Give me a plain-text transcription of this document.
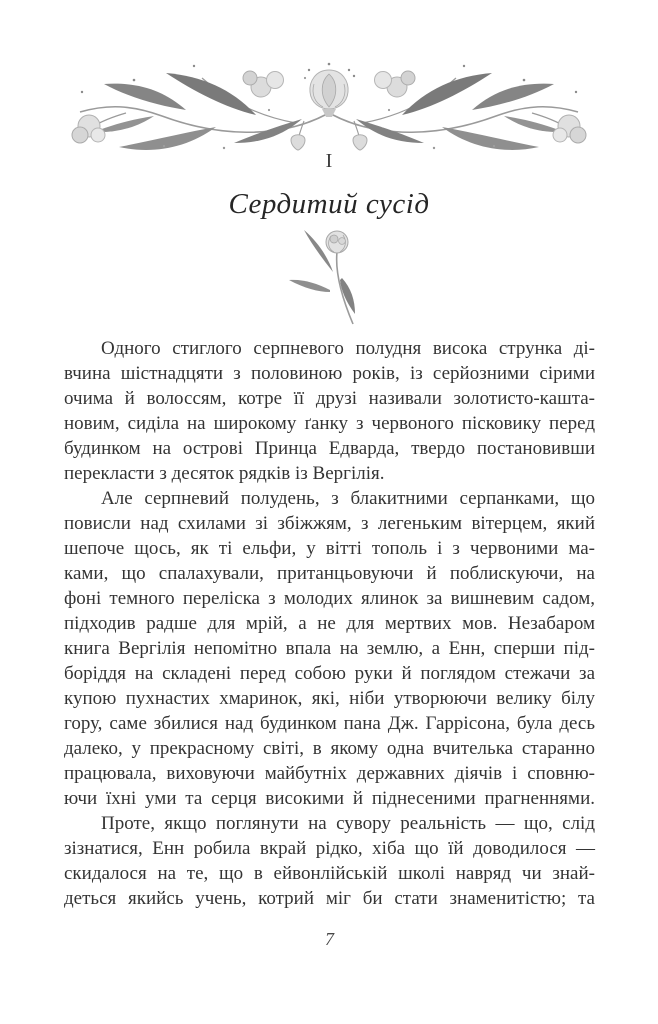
I
Сердитий сусід
Одного стиглого серпневого полудня висока струнка ді-
вчина шістнадцяти з половиною років, із серйозними сірими
очима й волоссям, котре її друзі називали золотисто-кашта-
новим, сиділа на широкому ґанку з червоного пісковику перед
будинком на острові Принца Едварда, твердо постановивши
перекласти з десяток рядків із Вергілія.
Але серпневий полудень, з блакитними серпанками, що
повисли над схилами зі збіжжям, з легеньким вітерцем, який
шепоче щось, як ті ельфи, у вітті тополь і з червоними ма-
ками, що спалахували, пританцьовуючи й поблискуючи, на
фоні темного переліска з молодих ялинок за вишневим садом,
підходив радше для мрій, а не для мертвих мов. Незабаром
книга Вергілія непомітно впала на землю, а Енн, сперши під-
боріддя на складені перед собою руки й поглядом стежачи за
купою пухнастих хмаринок, які, ніби утворюючи велику білу
гору, саме збилися над будинком пана Дж. Гаррісона, була десь
далеко, у прекрасному світі, в якому одна вчителька старанно
працювала, виховуючи майбутніх державних діячів і сповню-
ючи їхні уми та серця високими й піднесеними прагненнями.
Проте, якщо поглянути на сувору реальність — що, слід
зізнатися, Енн робила вкрай рідко, хіба що їй доводилося —
скидалося на те, що в ейвонлійській школі навряд чи знай-
деться якийсь учень, котрий міг би стати знаменитістю; та
7
